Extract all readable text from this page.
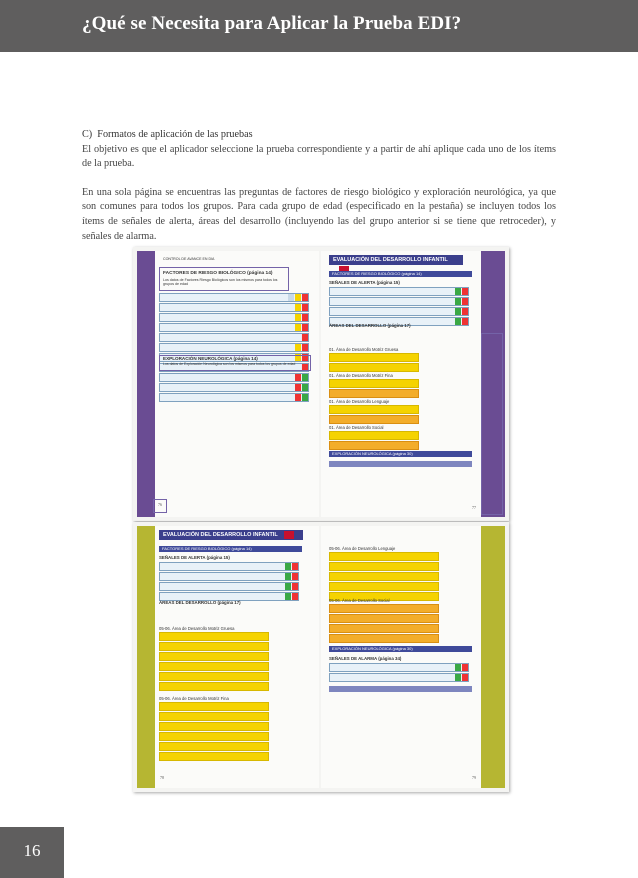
¿Qué se Necesita para Aplicar la Prueba EDI?

C)  Formatos de aplicación de las pruebas

El objetivo es que el aplicador seleccione la prueba correspondiente y a partir de ahí aplique cada uno de los ítems de la prueba.

En una sola página se encuentras las preguntas de factores de riesgo biológico y exploración neurológica, ya que son comunes para todos los grupos. Para cada grupo de edad (especificado en la pestaña) se incluyen todos los ítems de señales de alerta, áreas del desarrollo (incluyendo las del grupo anterior si se tiene que retroceder), y señales de alarma.

CONTROL DE AVANCE EN DIA
FACTORES DE RIESGO BIOLÓGICO (página 14)
Los datos de Factores Riesgo Biológicos son los mismos para todos los grupos de edad
EXPLORACIÓN NEUROLÓGICA (página 14)
Los datos de Exploración Neurológica son los mismos para todos los grupos de edad
76
EVALUACIÓN DEL DESARROLLO INFANTIL
FACTORES DE RIESGO BIOLÓGICO (página 14)
SEÑALES DE ALERTA (página 15)
ÁREAS DEL DESARROLLO (página 17)
01. Área de Desarrollo Motriz Gruesa
01. Área de Desarrollo Motriz Fina
01. Área de Desarrollo Lenguaje
01. Área de Desarrollo Social
EXPLORACIÓN NEUROLÓGICA (página 30)
77
EVALUACIÓN DEL DESARROLLO INFANTIL
FACTORES DE RIESGO BIOLÓGICO (página 14)
SEÑALES DE ALERTA (página 15)
ÁREAS DEL DESARROLLO (página 17)
05-06. Área de Desarrollo Motriz Gruesa
05-06. Área de Desarrollo Motriz Fina
78
05-06. Área de Desarrollo Lenguaje
05-06. Área de Desarrollo Social
EXPLORACIÓN NEUROLÓGICA (página 30)
SEÑALES DE ALARMA (página 34)
79
16
